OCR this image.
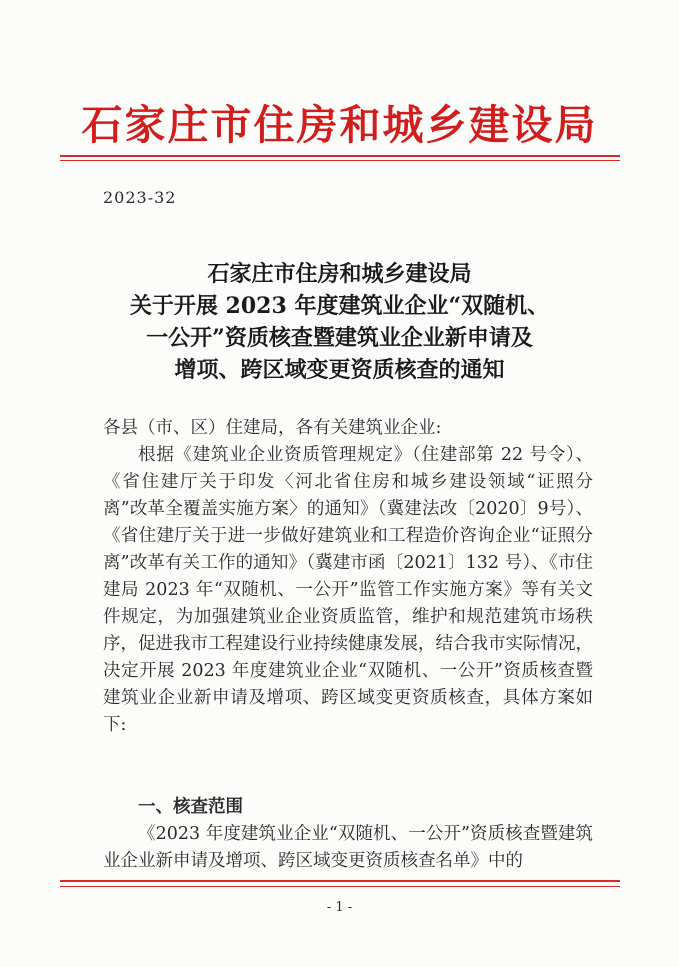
石家庄市住房和城乡建设局
2023-32
石家庄市住房和城乡建设局
关于开展 2023 年度建筑业企业“双随机、
一公开”资质核查暨建筑业企业新申请及
增项、跨区域变更资质核查的通知
各县（市、区）住建局，各有关建筑业企业:
根据《建筑业企业资质管理规定》（住建部第 22 号令）、《省住建厅关于印发〈河北省住房和城乡建设领域“证照分离”改革全覆盖实施方案〉的通知》（冀建法改〔2020〕9号）、《省住建厅关于进一步做好建筑业和工程造价咨询企业“证照分离”改革有关工作的通知》（冀建市函〔2021〕132 号）、《市住建局 2023 年“双随机、一公开”监管工作实施方案》等有关文件规定，为加强建筑业企业资质监管，维护和规范建筑市场秩序，促进我市工程建设行业持续健康发展，结合我市实际情况，决定开展 2023 年度建筑业企业“双随机、一公开”资质核查暨建筑业企业新申请及增项、跨区域变更资质核查，具体方案如下:
一、核查范围
《2023 年度建筑业企业“双随机、一公开”资质核查暨建筑业企业新申请及增项、跨区域变更资质核查名单》中的
- 1 -
